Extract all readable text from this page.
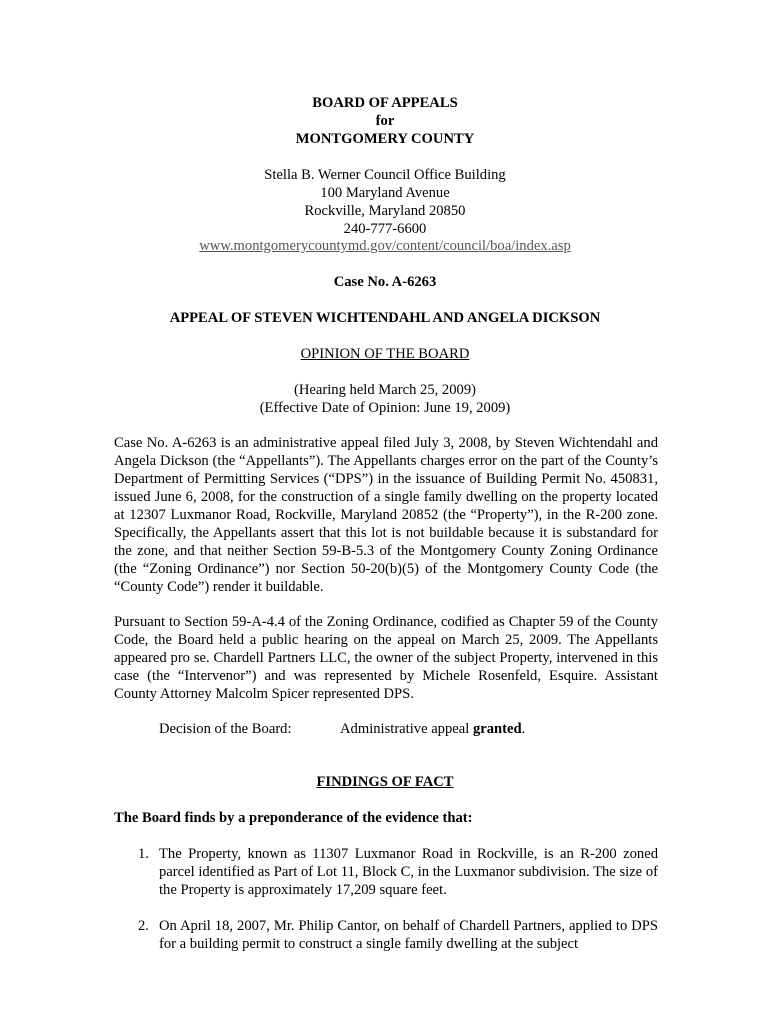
BOARD OF APPEALS
for
MONTGOMERY COUNTY
Stella B. Werner Council Office Building
100 Maryland Avenue
Rockville, Maryland 20850
240-777-6600
www.montgomerycountymd.gov/content/council/boa/index.asp
Case No. A-6263
APPEAL OF STEVEN WICHTENDAHL AND ANGELA DICKSON
OPINION OF THE BOARD
(Hearing held March 25, 2009)
(Effective Date of Opinion: June 19, 2009)
Case No. A-6263 is an administrative appeal filed July 3, 2008, by Steven Wichtendahl and Angela Dickson (the “Appellants”). The Appellants charges error on the part of the County’s Department of Permitting Services (“DPS”) in the issuance of Building Permit No. 450831, issued June 6, 2008, for the construction of a single family dwelling on the property located at 12307 Luxmanor Road, Rockville, Maryland 20852 (the “Property”), in the R-200 zone. Specifically, the Appellants assert that this lot is not buildable because it is substandard for the zone, and that neither Section 59-B-5.3 of the Montgomery County Zoning Ordinance (the “Zoning Ordinance”) nor Section 50-20(b)(5) of the Montgomery County Code (the “County Code”) render it buildable.
Pursuant to Section 59-A-4.4 of the Zoning Ordinance, codified as Chapter 59 of the County Code, the Board held a public hearing on the appeal on March 25, 2009. The Appellants appeared pro se. Chardell Partners LLC, the owner of the subject Property, intervened in this case (the “Intervenor”) and was represented by Michele Rosenfeld, Esquire. Assistant County Attorney Malcolm Spicer represented DPS.
Decision of the Board:	Administrative appeal granted.
FINDINGS OF FACT
The Board finds by a preponderance of the evidence that:
1. The Property, known as 11307 Luxmanor Road in Rockville, is an R-200 zoned parcel identified as Part of Lot 11, Block C, in the Luxmanor subdivision. The size of the Property is approximately 17,209 square feet.
2. On April 18, 2007, Mr. Philip Cantor, on behalf of Chardell Partners, applied to DPS for a building permit to construct a single family dwelling at the subject
